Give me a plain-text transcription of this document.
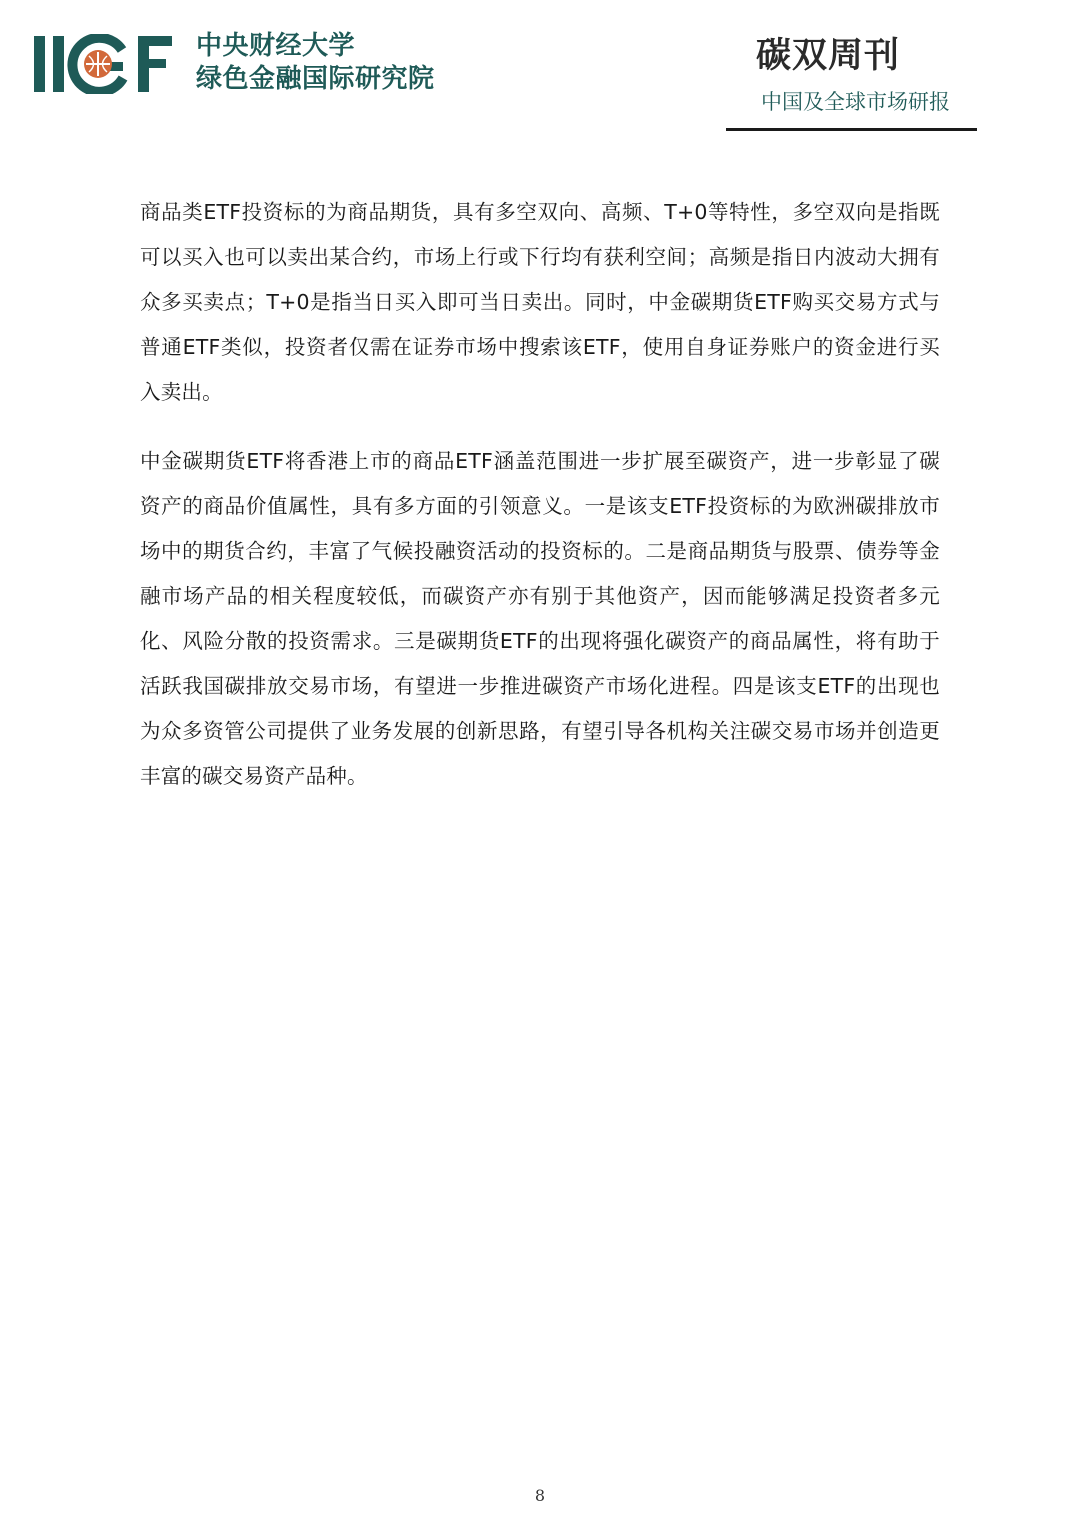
中央财经大学
绿色金融国际研究院
碳双周刊
中国及全球市场研报

商品类ETF投资标的为商品期货，具有多空双向、高频、T+0等特性，多空双向是指既可以买入也可以卖出某合约，市场上行或下行均有获利空间；高频是指日内波动大拥有众多买卖点；T+0是指当日买入即可当日卖出。同时，中金碳期货ETF购买交易方式与普通ETF类似，投资者仅需在证券市场中搜索该ETF，使用自身证券账户的资金进行买入卖出。

中金碳期货ETF将香港上市的商品ETF涵盖范围进一步扩展至碳资产，进一步彰显了碳资产的商品价值属性，具有多方面的引领意义。一是该支ETF投资标的为欧洲碳排放市场中的期货合约，丰富了气候投融资活动的投资标的。二是商品期货与股票、债券等金融市场产品的相关程度较低，而碳资产亦有别于其他资产，因而能够满足投资者多元化、风险分散的投资需求。三是碳期货ETF的出现将强化碳资产的商品属性，将有助于活跃我国碳排放交易市场，有望进一步推进碳资产市场化进程。四是该支ETF的出现也为众多资管公司提供了业务发展的创新思路，有望引导各机构关注碳交易市场并创造更丰富的碳交易资产品种。

8
